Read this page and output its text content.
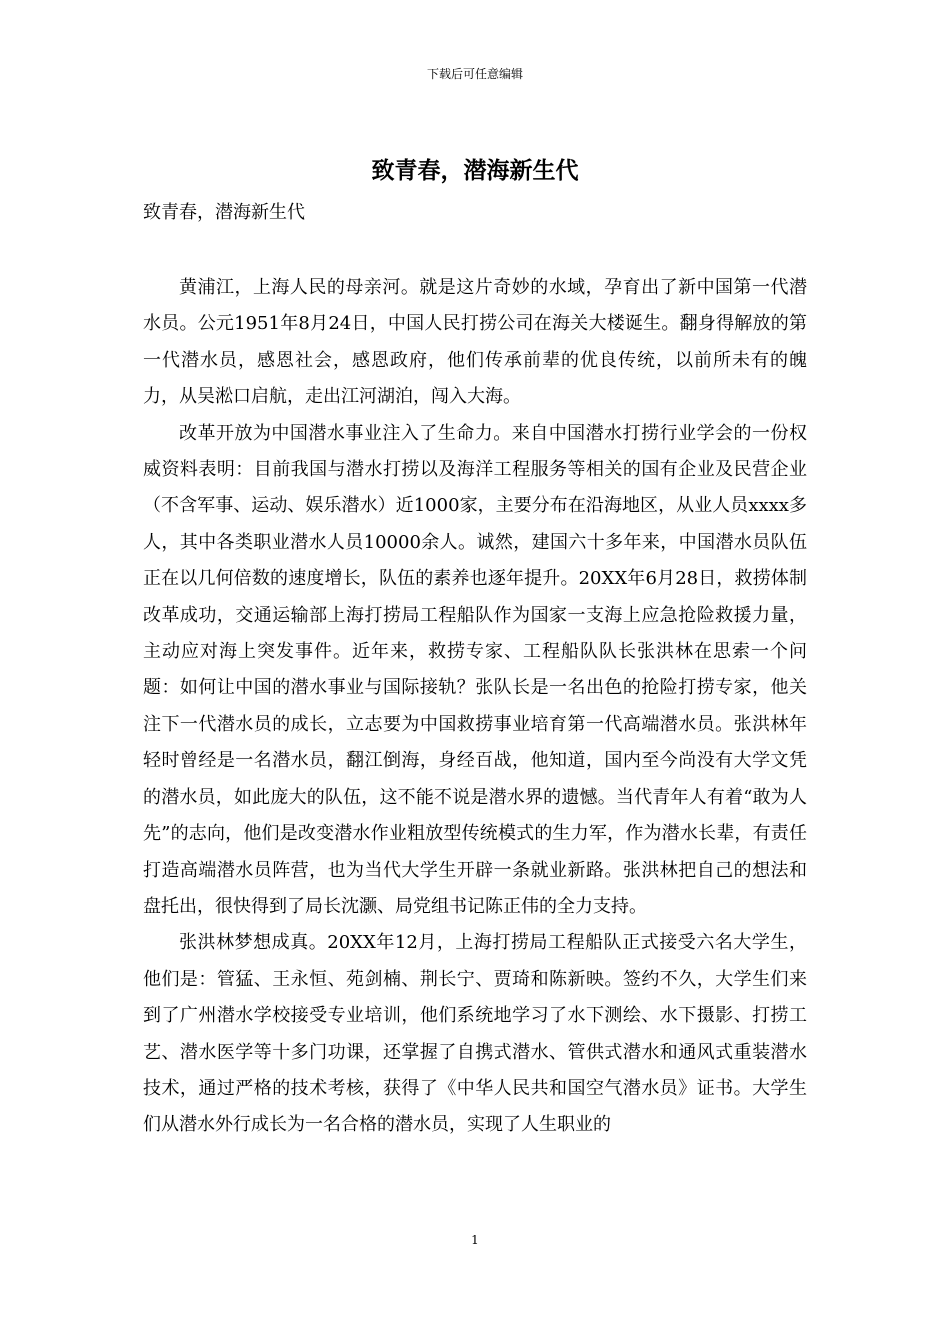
下载后可任意编辑
致青春，潜海新生代

致青春，潜海新生代

黄浦江，上海人民的母亲河。就是这片奇妙的水域，孕育出了新中国第一代潜水员。公元1951年8月24日，中国人民打捞公司在海关大楼诞生。翻身得解放的第一代潜水员，感恩社会，感恩政府，他们传承前辈的优良传统，以前所未有的魄力，从吴淞口启航，走出江河湖泊，闯入大海。

改革开放为中国潜水事业注入了生命力。来自中国潜水打捞行业学会的一份权威资料表明：目前我国与潜水打捞以及海洋工程服务等相关的国有企业及民营企业（不含军事、运动、娱乐潜水）近1000家，主要分布在沿海地区，从业人员xxxx多人，其中各类职业潜水人员10000余人。诚然，建国六十多年来，中国潜水员队伍正在以几何倍数的速度增长，队伍的素养也逐年提升。20XX年6月28日，救捞体制改革成功，交通运输部上海打捞局工程船队作为国家一支海上应急抢险救援力量，主动应对海上突发事件。近年来，救捞专家、工程船队队长张洪林在思索一个问题：如何让中国的潜水事业与国际接轨？张队长是一名出色的抢险打捞专家，他关注下一代潜水员的成长，立志要为中国救捞事业培育第一代高端潜水员。张洪林年轻时曾经是一名潜水员，翻江倒海，身经百战，他知道，国内至今尚没有大学文凭的潜水员，如此庞大的队伍，这不能不说是潜水界的遗憾。当代青年人有着“敢为人先”的志向，他们是改变潜水作业粗放型传统模式的生力军，作为潜水长辈，有责任打造高端潜水员阵营，也为当代大学生开辟一条就业新路。张洪林把自己的想法和盘托出，很快得到了局长沈灏、局党组书记陈正伟的全力支持。

张洪林梦想成真。20XX年12月，上海打捞局工程船队正式接受六名大学生，他们是：管猛、王永恒、苑剑楠、荆长宁、贾琦和陈新映。签约不久，大学生们来到了广州潜水学校接受专业培训，他们系统地学习了水下测绘、水下摄影、打捞工艺、潜水医学等十多门功课，还掌握了自携式潜水、管供式潜水和通风式重装潜水技术，通过严格的技术考核，获得了《中华人民共和国空气潜水员》证书。大学生们从潜水外行成长为一名合格的潜水员，实现了人生职业的

1
